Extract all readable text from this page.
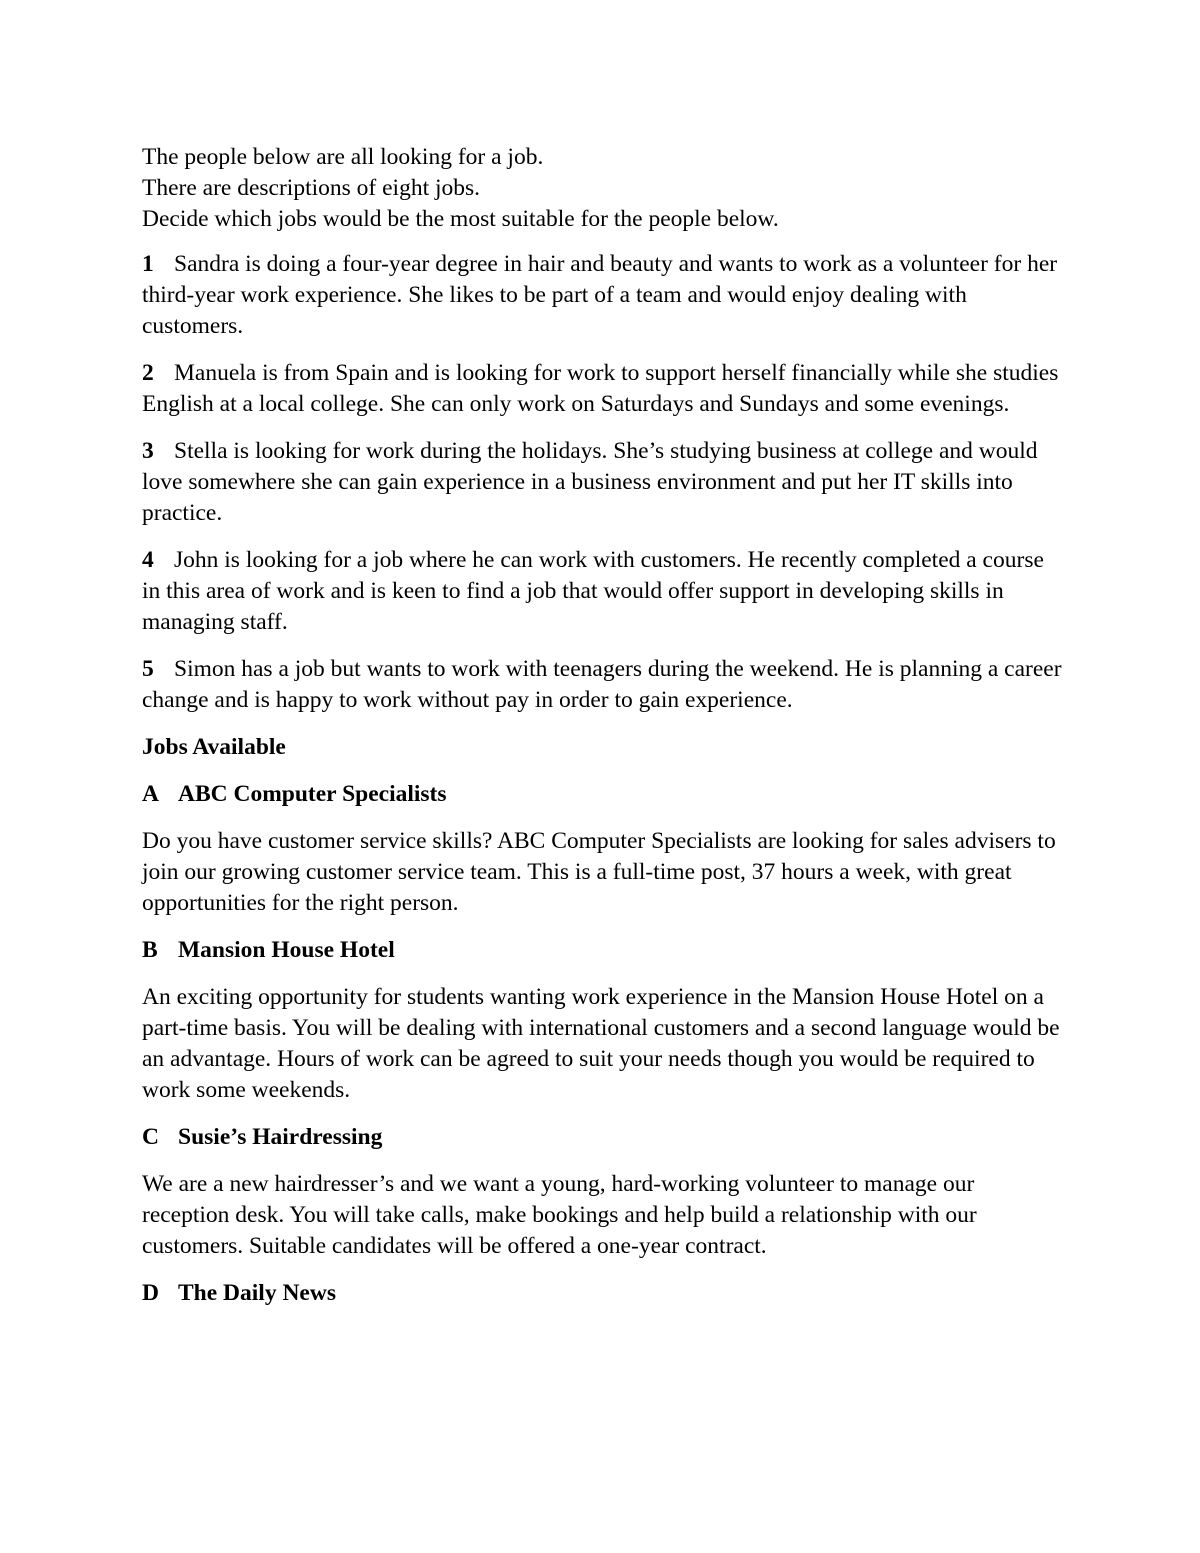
The people below are all looking for a job.

There are descriptions of eight jobs.

Decide which jobs would be the most suitable for the people below.

1 Sandra is doing a four-year degree in hair and beauty and wants to work as a volunteer for her third-year work experience. She likes to be part of a team and would enjoy dealing with customers.

2 Manuela is from Spain and is looking for work to support herself financially while she studies English at a local college. She can only work on Saturdays and Sundays and some evenings.

3 Stella is looking for work during the holidays. She’s studying business at college and would love somewhere she can gain experience in a business environment and put her IT skills into practice.

4 John is looking for a job where he can work with customers. He recently completed a course in this area of work and is keen to find a job that would offer support in developing skills in managing staff.

5 Simon has a job but wants to work with teenagers during the weekend. He is planning a career change and is happy to work without pay in order to gain experience.

Jobs Available

A ABC Computer Specialists

Do you have customer service skills? ABC Computer Specialists are looking for sales advisers to join our growing customer service team. This is a full-time post, 37 hours a week, with great opportunities for the right person.

B Mansion House Hotel

An exciting opportunity for students wanting work experience in the Mansion House Hotel on a part-time basis. You will be dealing with international customers and a second language would be an advantage. Hours of work can be agreed to suit your needs though you would be required to work some weekends.

C Susie’s Hairdressing

We are a new hairdresser’s and we want a young, hard-working volunteer to manage our reception desk. You will take calls, make bookings and help build a relationship with our customers. Suitable candidates will be offered a one-year contract.

D The Daily News
